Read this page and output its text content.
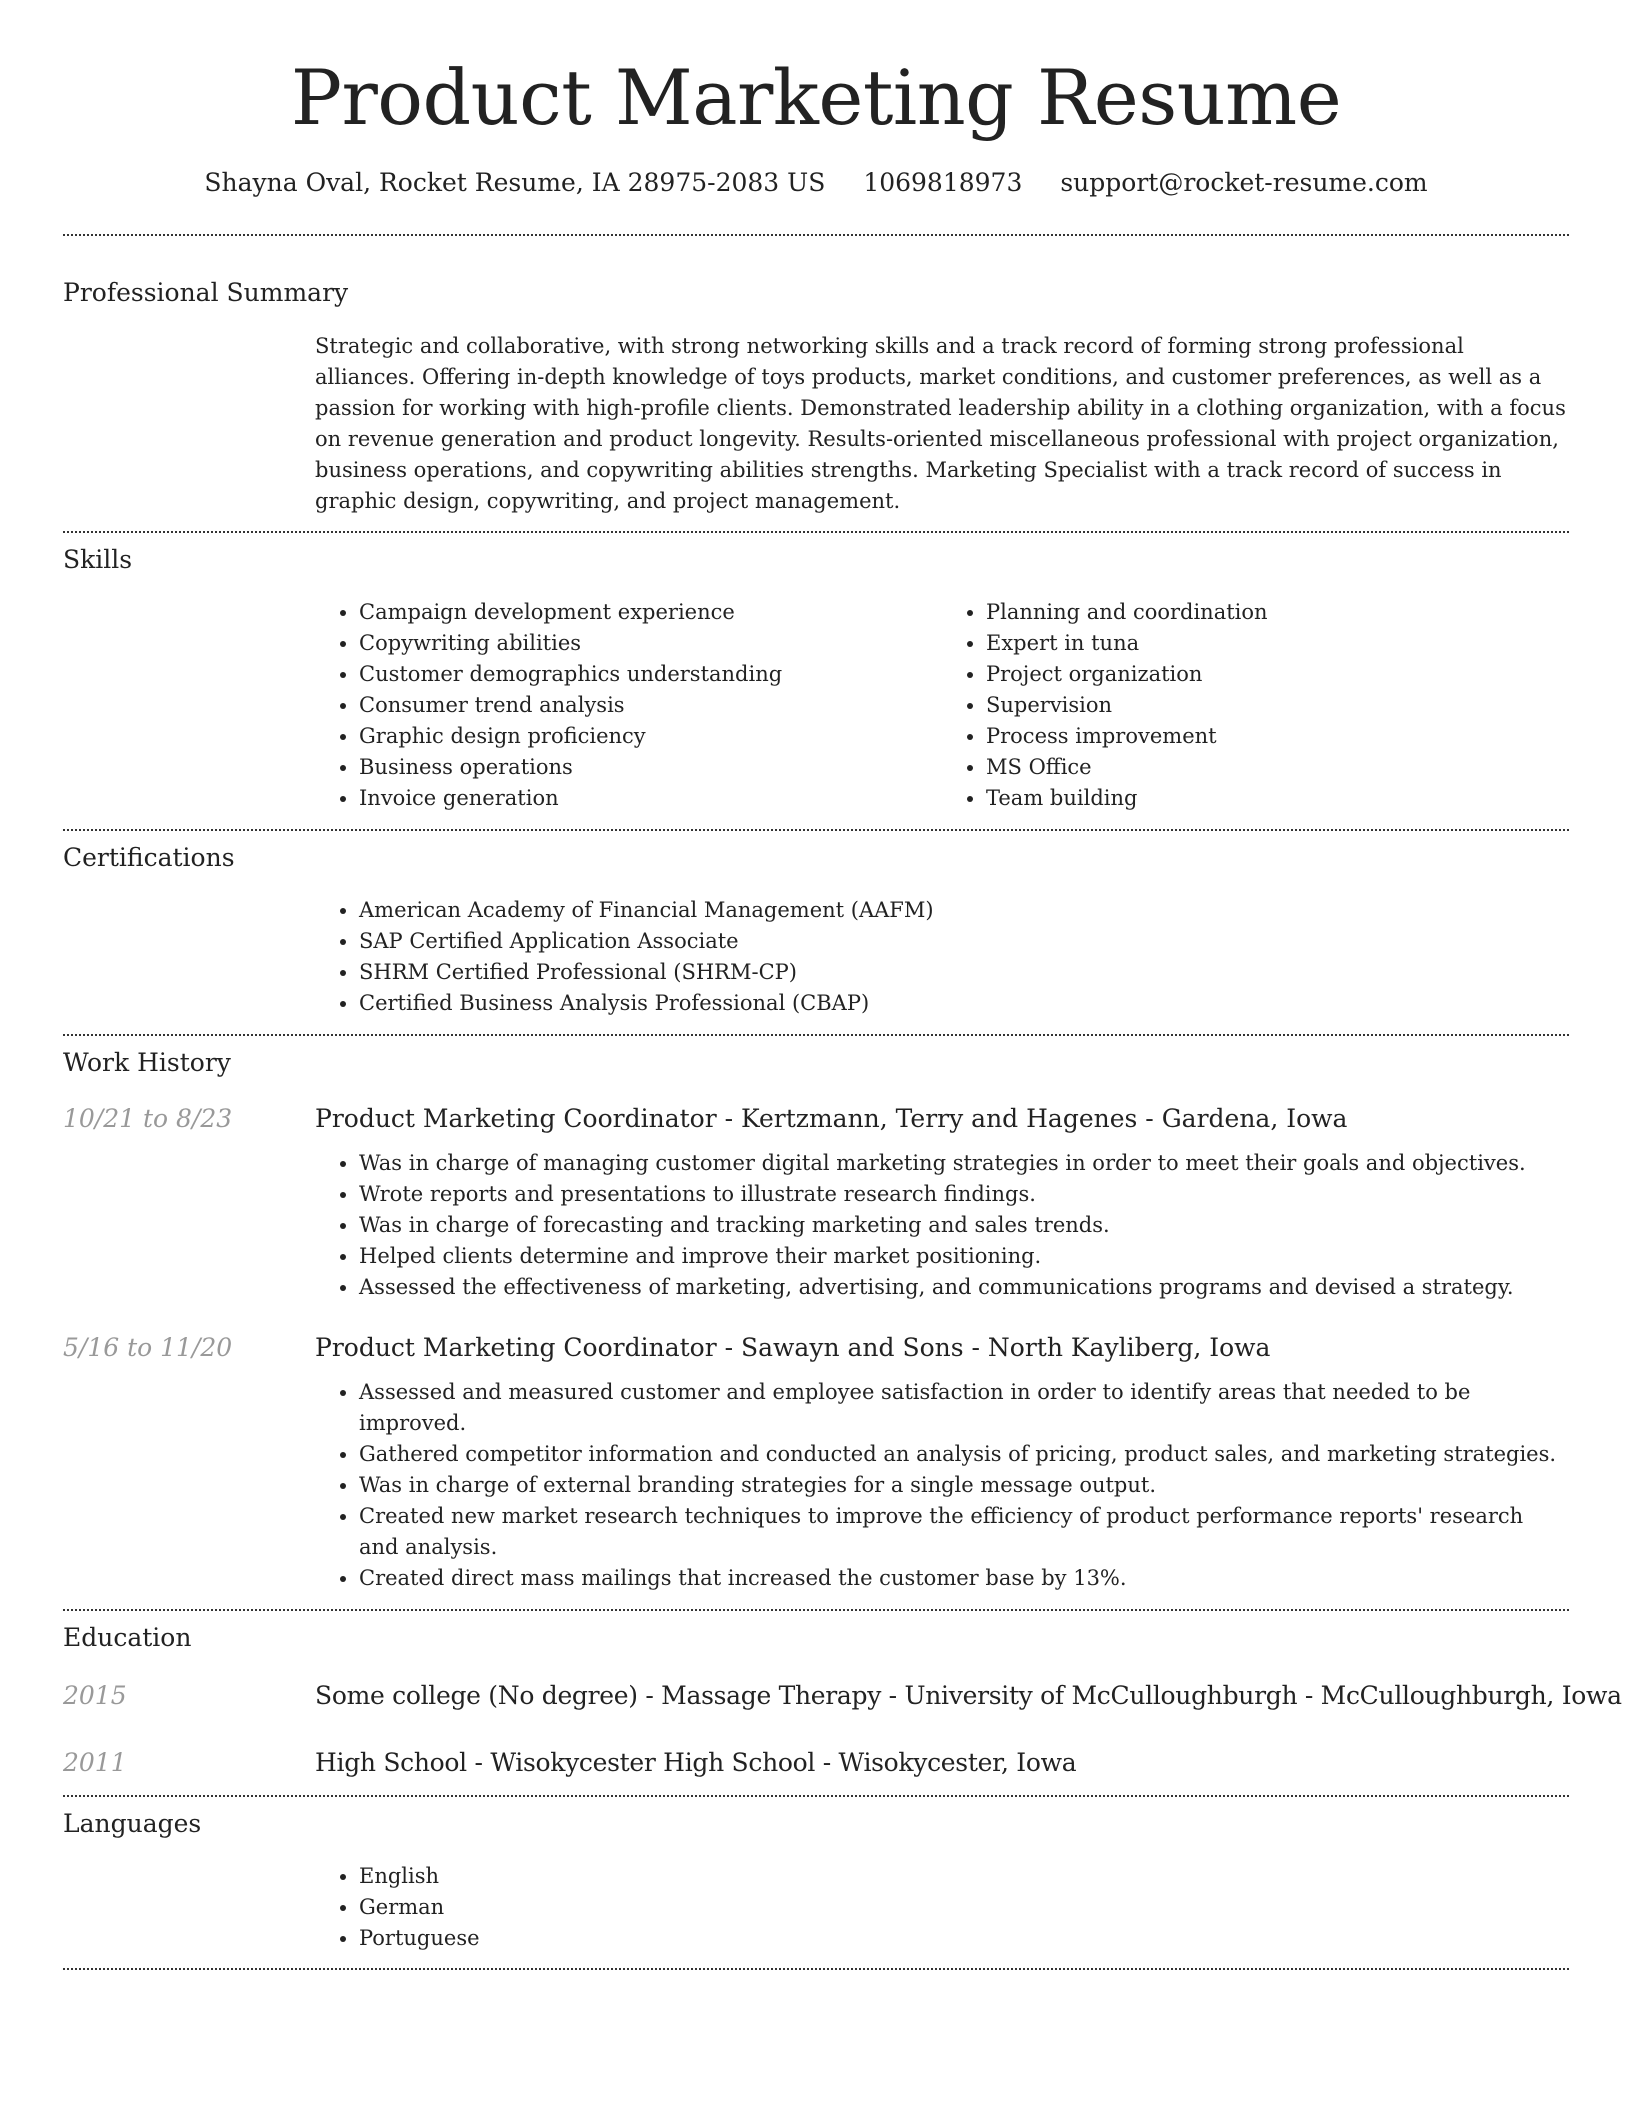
Product Marketing Resume
Shayna Oval, Rocket Resume, IA 28975-2083 US 1069818973 support@rocket-resume.com
Professional Summary
Strategic and collaborative, with strong networking skills and a track record of forming strong professional alliances. Offering in-depth knowledge of toys products, market conditions, and customer preferences, as well as a passion for working with high-profile clients. Demonstrated leadership ability in a clothing organization, with a focus on revenue generation and product longevity. Results-oriented miscellaneous professional with project organization, business operations, and copywriting abilities strengths. Marketing Specialist with a track record of success in graphic design, copywriting, and project management.
Skills
• Campaign development experience
• Copywriting abilities
• Customer demographics understanding
• Consumer trend analysis
• Graphic design proficiency
• Business operations
• Invoice generation
• Planning and coordination
• Expert in tuna
• Project organization
• Supervision
• Process improvement
• MS Office
• Team building
Certifications
• American Academy of Financial Management (AAFM)
• SAP Certified Application Associate
• SHRM Certified Professional (SHRM-CP)
• Certified Business Analysis Professional (CBAP)
Work History
10/21 to 8/23	Product Marketing Coordinator - Kertzmann, Terry and Hagenes - Gardena, Iowa
• Was in charge of managing customer digital marketing strategies in order to meet their goals and objectives.
• Wrote reports and presentations to illustrate research findings.
• Was in charge of forecasting and tracking marketing and sales trends.
• Helped clients determine and improve their market positioning.
• Assessed the effectiveness of marketing, advertising, and communications programs and devised a strategy.
5/16 to 11/20	Product Marketing Coordinator - Sawayn and Sons - North Kayliberg, Iowa
• Assessed and measured customer and employee satisfaction in order to identify areas that needed to be improved.
• Gathered competitor information and conducted an analysis of pricing, product sales, and marketing strategies.
• Was in charge of external branding strategies for a single message output.
• Created new market research techniques to improve the efficiency of product performance reports' research and analysis.
• Created direct mass mailings that increased the customer base by 13%.
Education
2015	Some college (No degree) - Massage Therapy - University of McCulloughburgh - McCulloughburgh, Iowa
2011	High School - Wisokycester High School - Wisokycester, Iowa
Languages
• English
• German
• Portuguese
